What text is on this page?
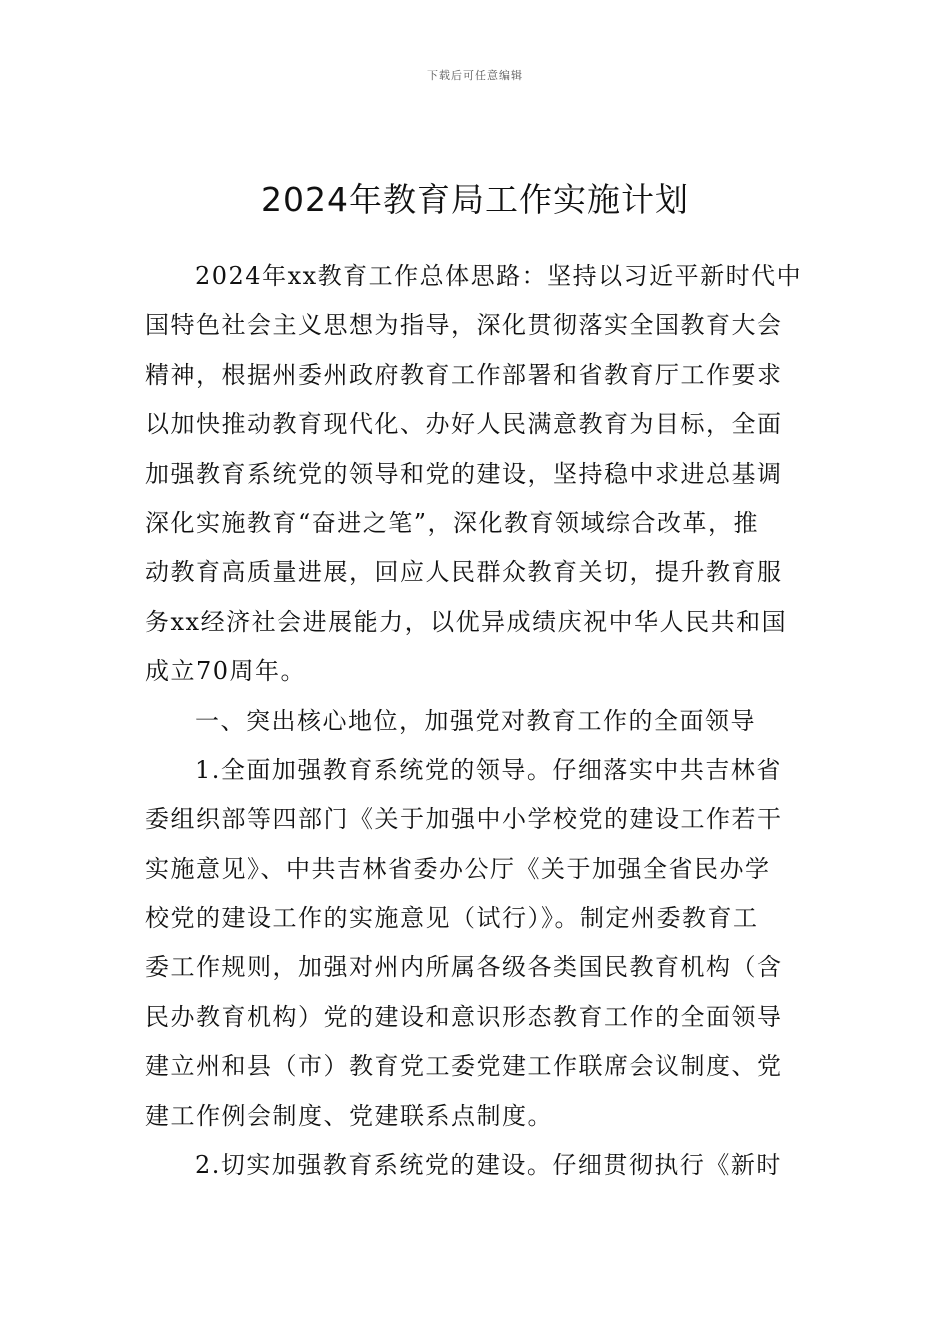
下载后可任意编辑
2024年教育局工作实施计划
2024年xx教育工作总体思路：坚持以习近平新时代中
国特色社会主义思想为指导，深化贯彻落实全国教育大会
精神，根据州委州政府教育工作部署和省教育厅工作要求
以加快推动教育现代化、办好人民满意教育为目标，全面
加强教育系统党的领导和党的建设，坚持稳中求进总基调
深化实施教育“奋进之笔”，深化教育领域综合改革，推
动教育高质量进展，回应人民群众教育关切，提升教育服
务xx经济社会进展能力，以优异成绩庆祝中华人民共和国
成立70周年。
一、突出核心地位，加强党对教育工作的全面领导
1.全面加强教育系统党的领导。仔细落实中共吉林省
委组织部等四部门《关于加强中小学校党的建设工作若干
实施意见》、中共吉林省委办公厅《关于加强全省民办学
校党的建设工作的实施意见（试行）》。制定州委教育工
委工作规则，加强对州内所属各级各类国民教育机构（含
民办教育机构）党的建设和意识形态教育工作的全面领导
建立州和县（市）教育党工委党建工作联席会议制度、党
建工作例会制度、党建联系点制度。
2.切实加强教育系统党的建设。仔细贯彻执行《新时
